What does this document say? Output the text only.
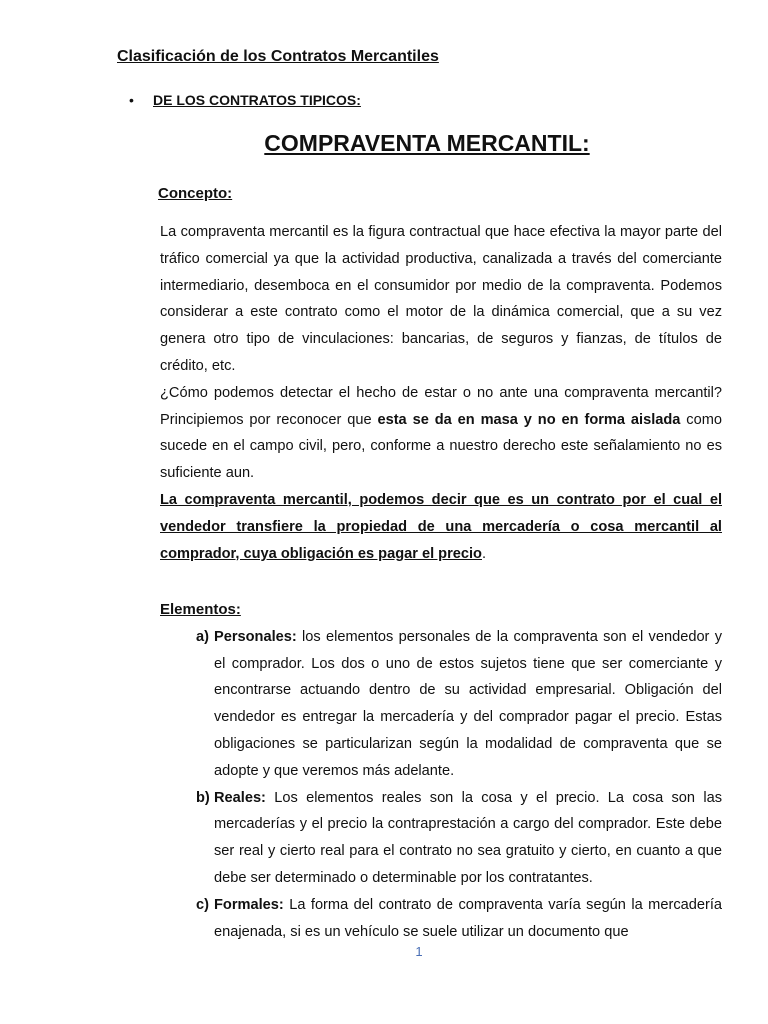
Clasificación de los Contratos Mercantiles
• DE LOS CONTRATOS TIPICOS:
COMPRAVENTA MERCANTIL:
Concepto:

La compraventa mercantil es la figura contractual que hace efectiva la mayor parte del tráfico comercial ya que la actividad productiva, canalizada a través del comerciante intermediario, desemboca en el consumidor por medio de la compraventa. Podemos considerar a este contrato como el motor de la dinámica comercial, que a su vez genera otro tipo de vinculaciones: bancarias, de seguros y fianzas, de títulos de crédito, etc.

¿Cómo podemos detectar el hecho de estar o no ante una compraventa mercantil? Principiemos por reconocer que esta se da en masa y no en forma aislada como sucede en el campo civil, pero, conforme a nuestro derecho este señalamiento no es suficiente aun.

La compraventa mercantil, podemos decir que es un contrato por el cual el vendedor transfiere la propiedad de una mercadería o cosa mercantil al comprador, cuya obligación es pagar el precio.

Elementos:
a) Personales: los elementos personales de la compraventa son el vendedor y el comprador. Los dos o uno de estos sujetos tiene que ser comerciante y encontrarse actuando dentro de su actividad empresarial. Obligación del vendedor es entregar la mercadería y del comprador pagar el precio. Estas obligaciones se particularizan según la modalidad de compraventa que se adopte y que veremos más adelante.
b) Reales: Los elementos reales son la cosa y el precio. La cosa son las mercaderías y el precio la contraprestación a cargo del comprador. Este debe ser real y cierto real para el contrato no sea gratuito y cierto, en cuanto a que debe ser determinado o determinable por los contratantes.
c) Formales: La forma del contrato de compraventa varía según la mercadería enajenada, si es un vehículo se suele utilizar un documento que
1
